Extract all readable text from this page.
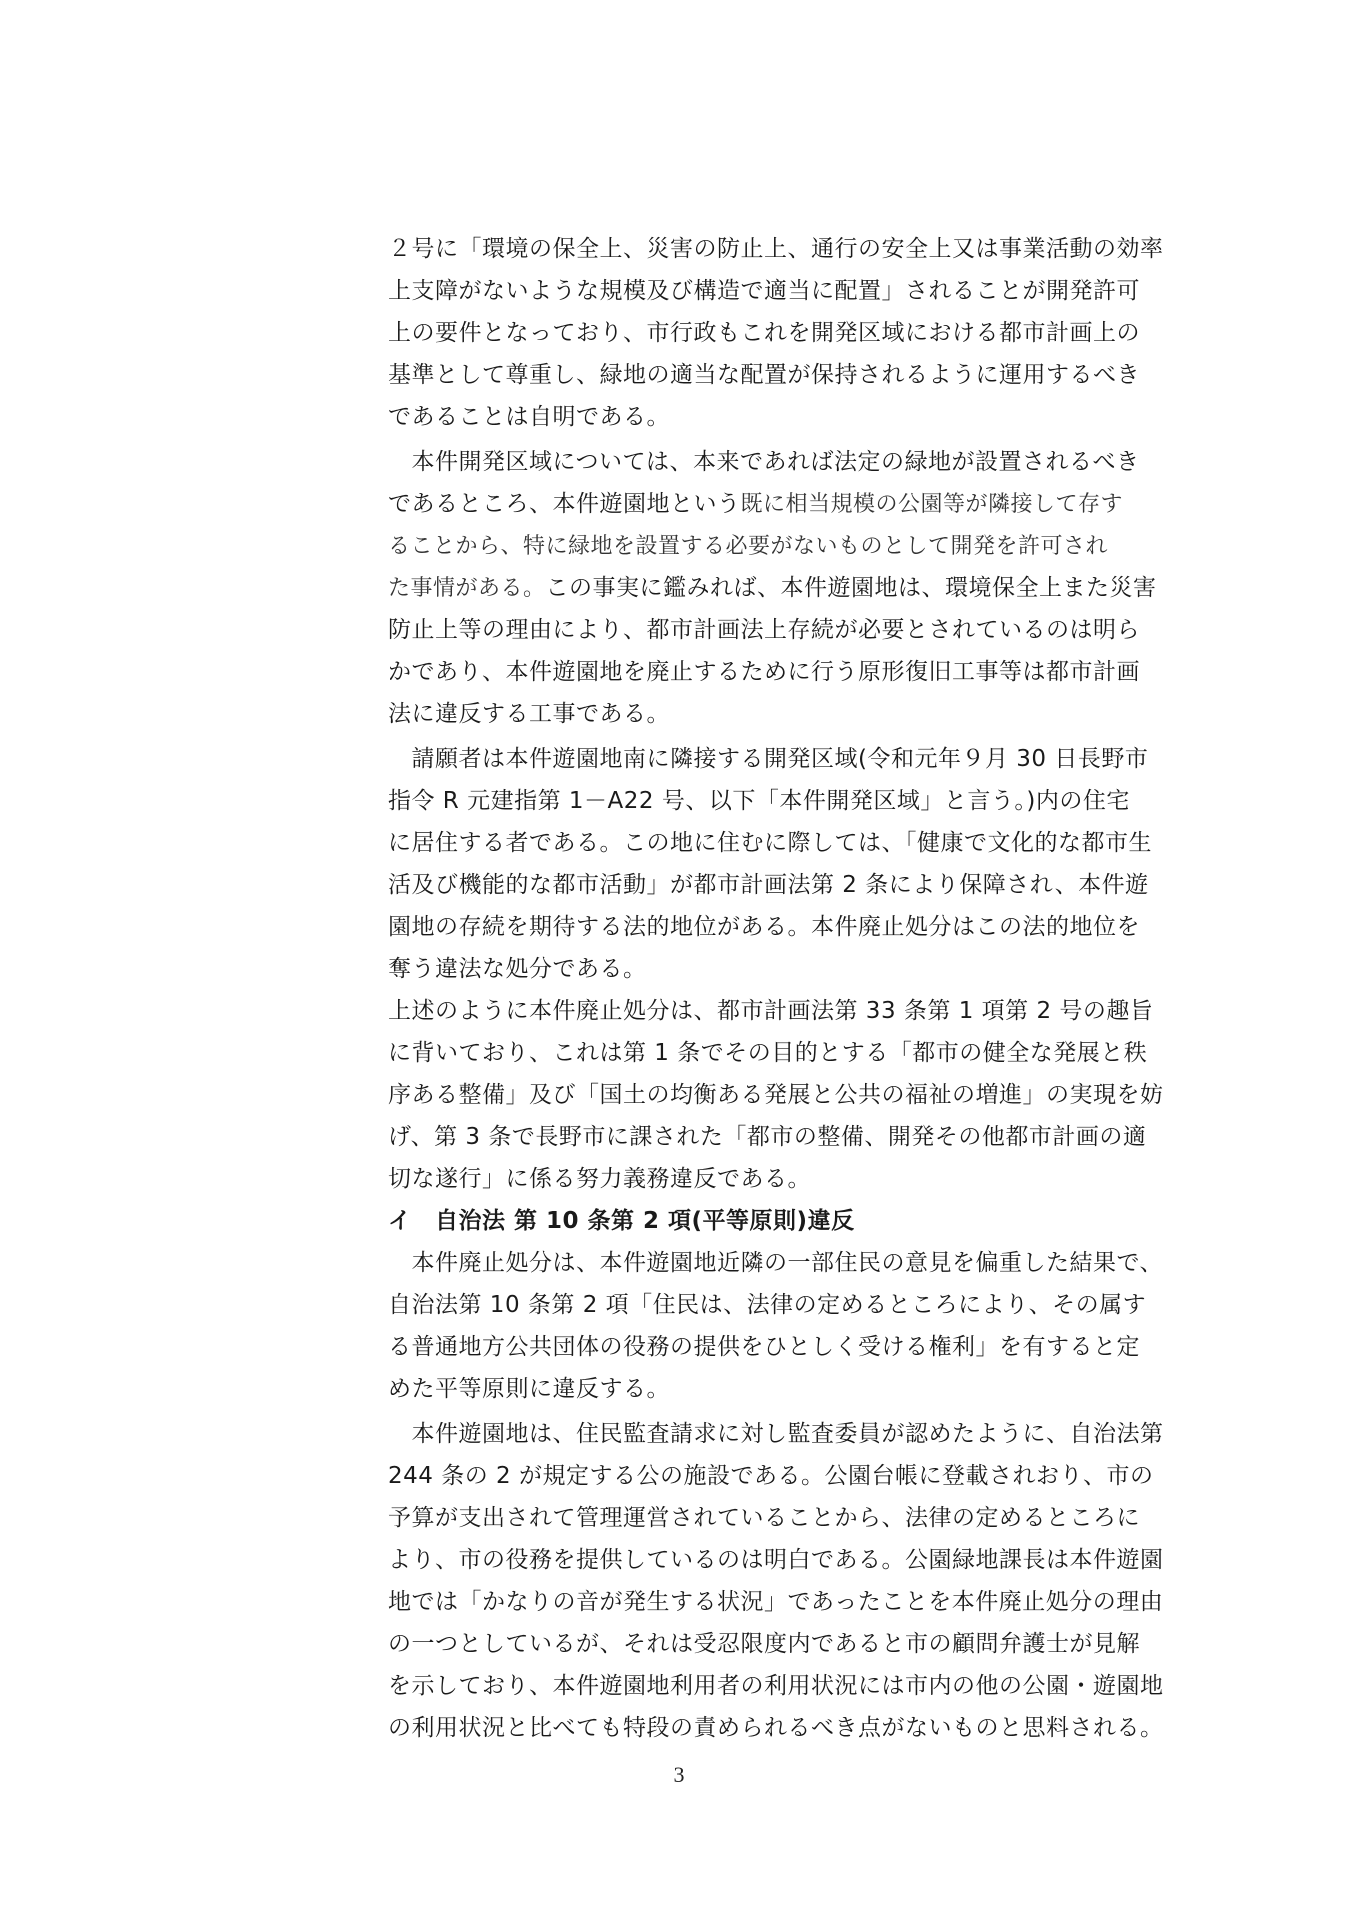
２号に「環境の保全上、災害の防止上、通行の安全上又は事業活動の効率

上支障がないような規模及び構造で適当に配置」されることが開発許可

上の要件となっており、市行政もこれを開発区域における都市計画上の

基準として尊重し、緑地の適当な配置が保持されるように運用するべき

であることは自明である。

　本件開発区域については、本来であれば法定の緑地が設置されるべき

であるところ、本件遊園地という既に相当規模の公園等が隣接して存す

ることから、特に緑地を設置する必要がないものとして開発を許可され

た事情がある。この事実に鑑みれば、本件遊園地は、環境保全上また災害

防止上等の理由により、都市計画法上存続が必要とされているのは明ら

かであり、本件遊園地を廃止するために行う原形復旧工事等は都市計画

法に違反する工事である。

　請願者は本件遊園地南に隣接する開発区域(令和元年９月 30 日長野市

指令 R 元建指第 1－A22 号、以下「本件開発区域」と言う。)内の住宅

に居住する者である。この地に住むに際しては、「健康で文化的な都市生

活及び機能的な都市活動」が都市計画法第 2 条により保障され、本件遊

園地の存続を期待する法的地位がある。本件廃止処分はこの法的地位を

奪う違法な処分である。

上述のように本件廃止処分は、都市計画法第 33 条第 1 項第 2 号の趣旨

に背いており、これは第 1 条でその目的とする「都市の健全な発展と秩

序ある整備」及び「国土の均衡ある発展と公共の福祉の増進」の実現を妨

げ、第 3 条で長野市に課された「都市の整備、開発その他都市計画の適

切な遂行」に係る努力義務違反である。

イ　自治法 第 10 条第 2 項(平等原則)違反

　本件廃止処分は、本件遊園地近隣の一部住民の意見を偏重した結果で、

自治法第 10 条第 2 項「住民は、法律の定めるところにより、その属す

る普通地方公共団体の役務の提供をひとしく受ける権利」を有すると定

めた平等原則に違反する。

　本件遊園地は、住民監査請求に対し監査委員が認めたように、自治法第

244 条の 2 が規定する公の施設である。公園台帳に登載されおり、市の

予算が支出されて管理運営されていることから、法律の定めるところに

より、市の役務を提供しているのは明白である。公園緑地課長は本件遊園

地では「かなりの音が発生する状況」であったことを本件廃止処分の理由

の一つとしているが、それは受忍限度内であると市の顧問弁護士が見解

を示しており、本件遊園地利用者の利用状況には市内の他の公園・遊園地

の利用状況と比べても特段の責められるべき点がないものと思料される。

3
